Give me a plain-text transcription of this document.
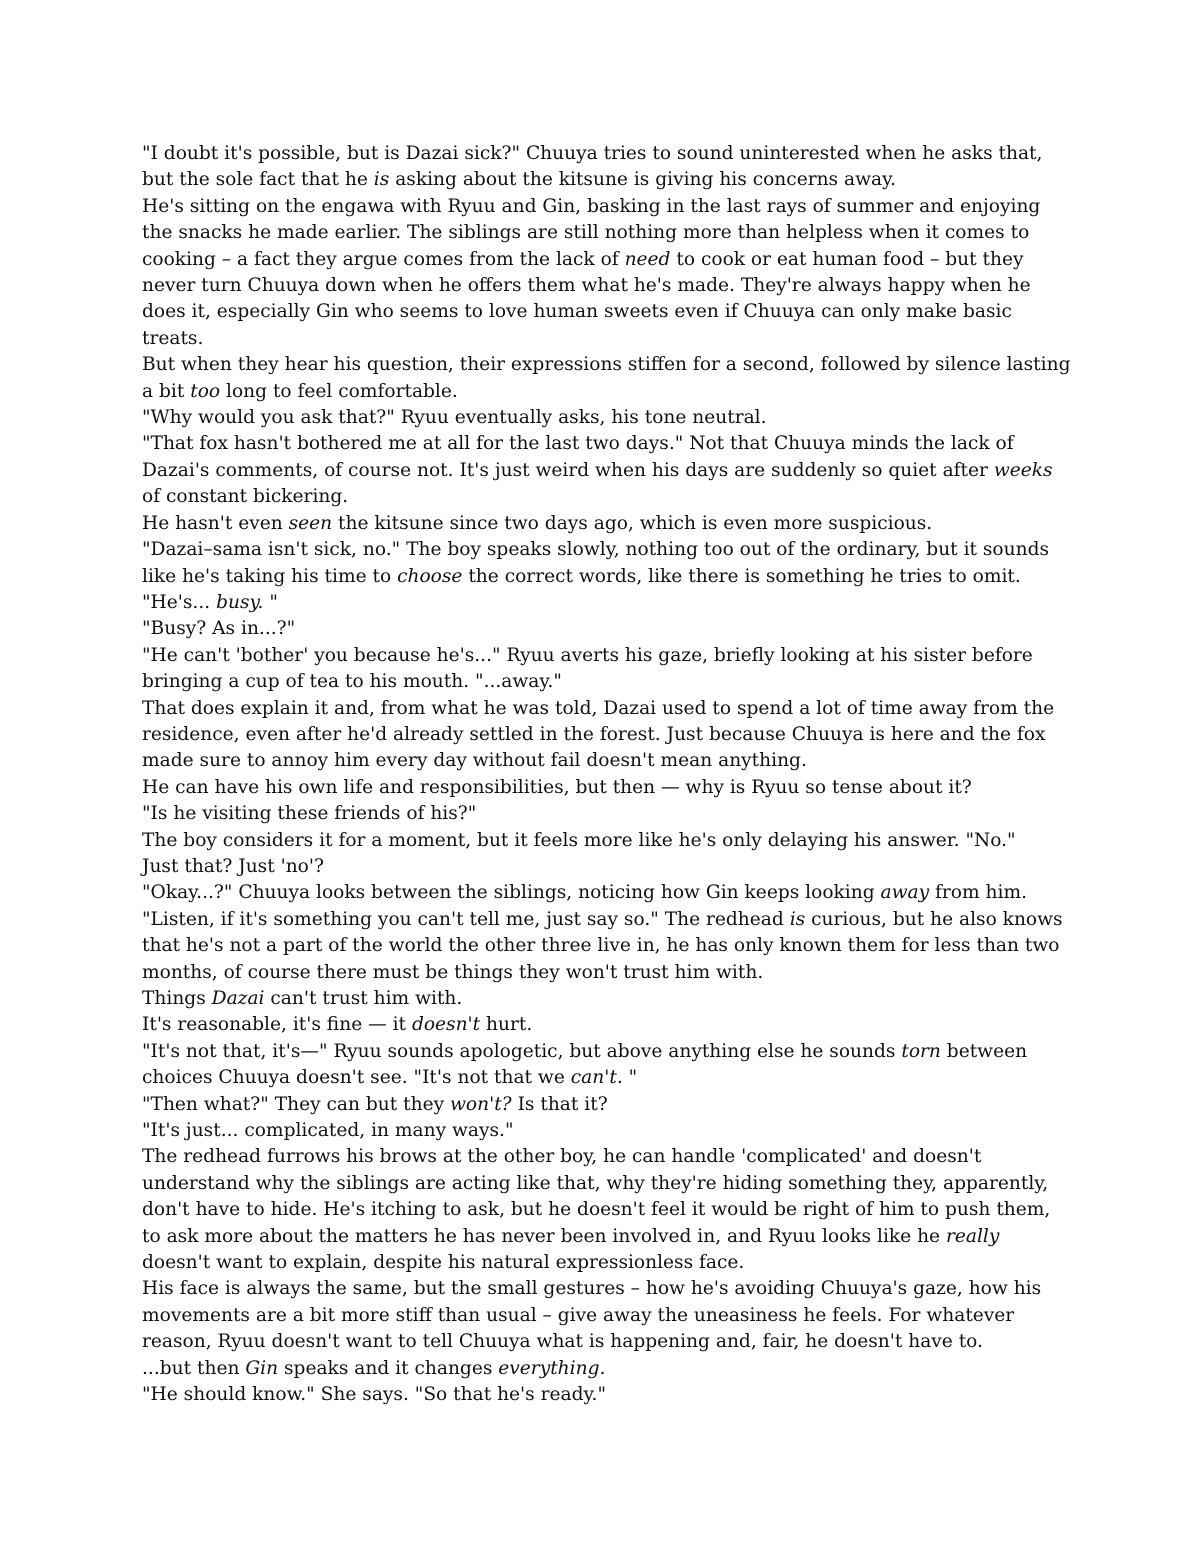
"I doubt it's possible, but is Dazai sick?" Chuuya tries to sound uninterested when he asks that, but the sole fact that he is asking about the kitsune is giving his concerns away.

He's sitting on the engawa with Ryuu and Gin, basking in the last rays of summer and enjoying the snacks he made earlier. The siblings are still nothing more than helpless when it comes to cooking – a fact they argue comes from the lack of need to cook or eat human food – but they never turn Chuuya down when he offers them what he's made. They're always happy when he does it, especially Gin who seems to love human sweets even if Chuuya can only make basic treats.

But when they hear his question, their expressions stiffen for a second, followed by silence lasting a bit too long to feel comfortable.

"Why would you ask that?" Ryuu eventually asks, his tone neutral.

"That fox hasn't bothered me at all for the last two days." Not that Chuuya minds the lack of Dazai's comments, of course not. It's just weird when his days are suddenly so quiet after weeks of constant bickering.

He hasn't even seen the kitsune since two days ago, which is even more suspicious.

"Dazai–sama isn't sick, no." The boy speaks slowly, nothing too out of the ordinary, but it sounds like he's taking his time to choose the correct words, like there is something he tries to omit. "He's... busy. "

"Busy? As in...?"

"He can't 'bother' you because he's..." Ryuu averts his gaze, briefly looking at his sister before bringing a cup of tea to his mouth. "...away."

That does explain it and, from what he was told, Dazai used to spend a lot of time away from the residence, even after he'd already settled in the forest. Just because Chuuya is here and the fox made sure to annoy him every day without fail doesn't mean anything.

He can have his own life and responsibilities, but then — why is Ryuu so tense about it?

"Is he visiting these friends of his?"

The boy considers it for a moment, but it feels more like he's only delaying his answer. "No."

Just that? Just 'no'?

"Okay...?" Chuuya looks between the siblings, noticing how Gin keeps looking away from him.

"Listen, if it's something you can't tell me, just say so." The redhead is curious, but he also knows that he's not a part of the world the other three live in, he has only known them for less than two months, of course there must be things they won't trust him with.

Things Dazai can't trust him with.

It's reasonable, it's fine — it doesn't hurt.

"It's not that, it's—" Ryuu sounds apologetic, but above anything else he sounds torn between choices Chuuya doesn't see. "It's not that we can't. "

"Then what?" They can but they won't? Is that it?

"It's just... complicated, in many ways."

The redhead furrows his brows at the other boy, he can handle 'complicated' and doesn't understand why the siblings are acting like that, why they're hiding something they, apparently, don't have to hide. He's itching to ask, but he doesn't feel it would be right of him to push them, to ask more about the matters he has never been involved in, and Ryuu looks like he really doesn't want to explain, despite his natural expressionless face.

His face is always the same, but the small gestures – how he's avoiding Chuuya's gaze, how his movements are a bit more stiff than usual – give away the uneasiness he feels. For whatever reason, Ryuu doesn't want to tell Chuuya what is happening and, fair, he doesn't have to.

...but then Gin speaks and it changes everything.

"He should know." She says. "So that he's ready."
